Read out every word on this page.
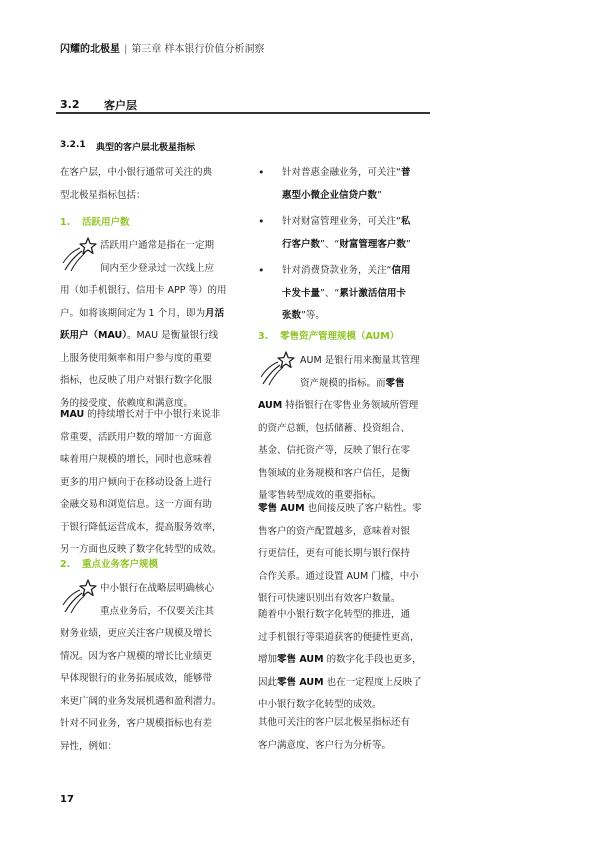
闪耀的北极星 | 第三章 样本银行价值分析洞察
3.2 客户层
3.2.1 典型的客户层北极星指标

在客户层，中小银行通常可关注的典
型北极星指标包括：

1. 活跃用户数

活跃用户通常是指在一定期

间内至少登录过一次线上应

用（如手机银行、信用卡 APP 等）的用

户。如将该期间定为 1 个月，即为月活

跃用户（MAU）。MAU 是衡量银行线

上服务使用频率和用户参与度的重要

指标，也反映了用户对银行数字化服

务的接受度、依赖度和满意度。

MAU 的持续增长对于中小银行来说非

常重要，活跃用户数的增加一方面意

味着用户规模的增长，同时也意味着

更多的用户倾向于在移动设备上进行

金融交易和浏览信息。这一方面有助

于银行降低运营成本，提高服务效率，

另一方面也反映了数字化转型的成效。

2. 重点业务客户规模

中小银行在战略层明确核心

重点业务后，不仅要关注其

财务业绩，更应关注客户规模及增长

情况。因为客户规模的增长比业绩更

早体现银行的业务拓展成效，能够带

来更广阔的业务发展机遇和盈利潜力。

针对不同业务，客户规模指标也有差

异性，例如：

• 针对普惠金融业务，可关注“普

惠型小微企业信贷户数”

• 针对财富管理业务，可关注“私

行客户数”、“财富管理客户数”

• 针对消费贷款业务，关注“信用

卡发卡量”、“累计激活信用卡

张数”等。

3. 零售资产管理规模（AUM）

AUM 是银行用来衡量其管理

资产规模的指标。而零售

AUM 特指银行在零售业务领域所管理

的资产总额，包括储蓄、投资组合、

基金、信托资产等，反映了银行在零

售领域的业务规模和客户信任，是衡

量零售转型成效的重要指标。

零售 AUM 也间接反映了客户粘性。零

售客户的资产配置越多，意味着对银

行更信任，更有可能长期与银行保持

合作关系。通过设置 AUM 门槛，中小

银行可快速识别出有效客户数量。

随着中小银行数字化转型的推进，通

过手机银行等渠道获客的便捷性更高，

增加零售 AUM 的数字化手段也更多，

因此零售 AUM 也在一定程度上反映了

中小银行数字化转型的成效。

其他可关注的客户层北极星指标还有

客户满意度、客户行为分析等。

17
